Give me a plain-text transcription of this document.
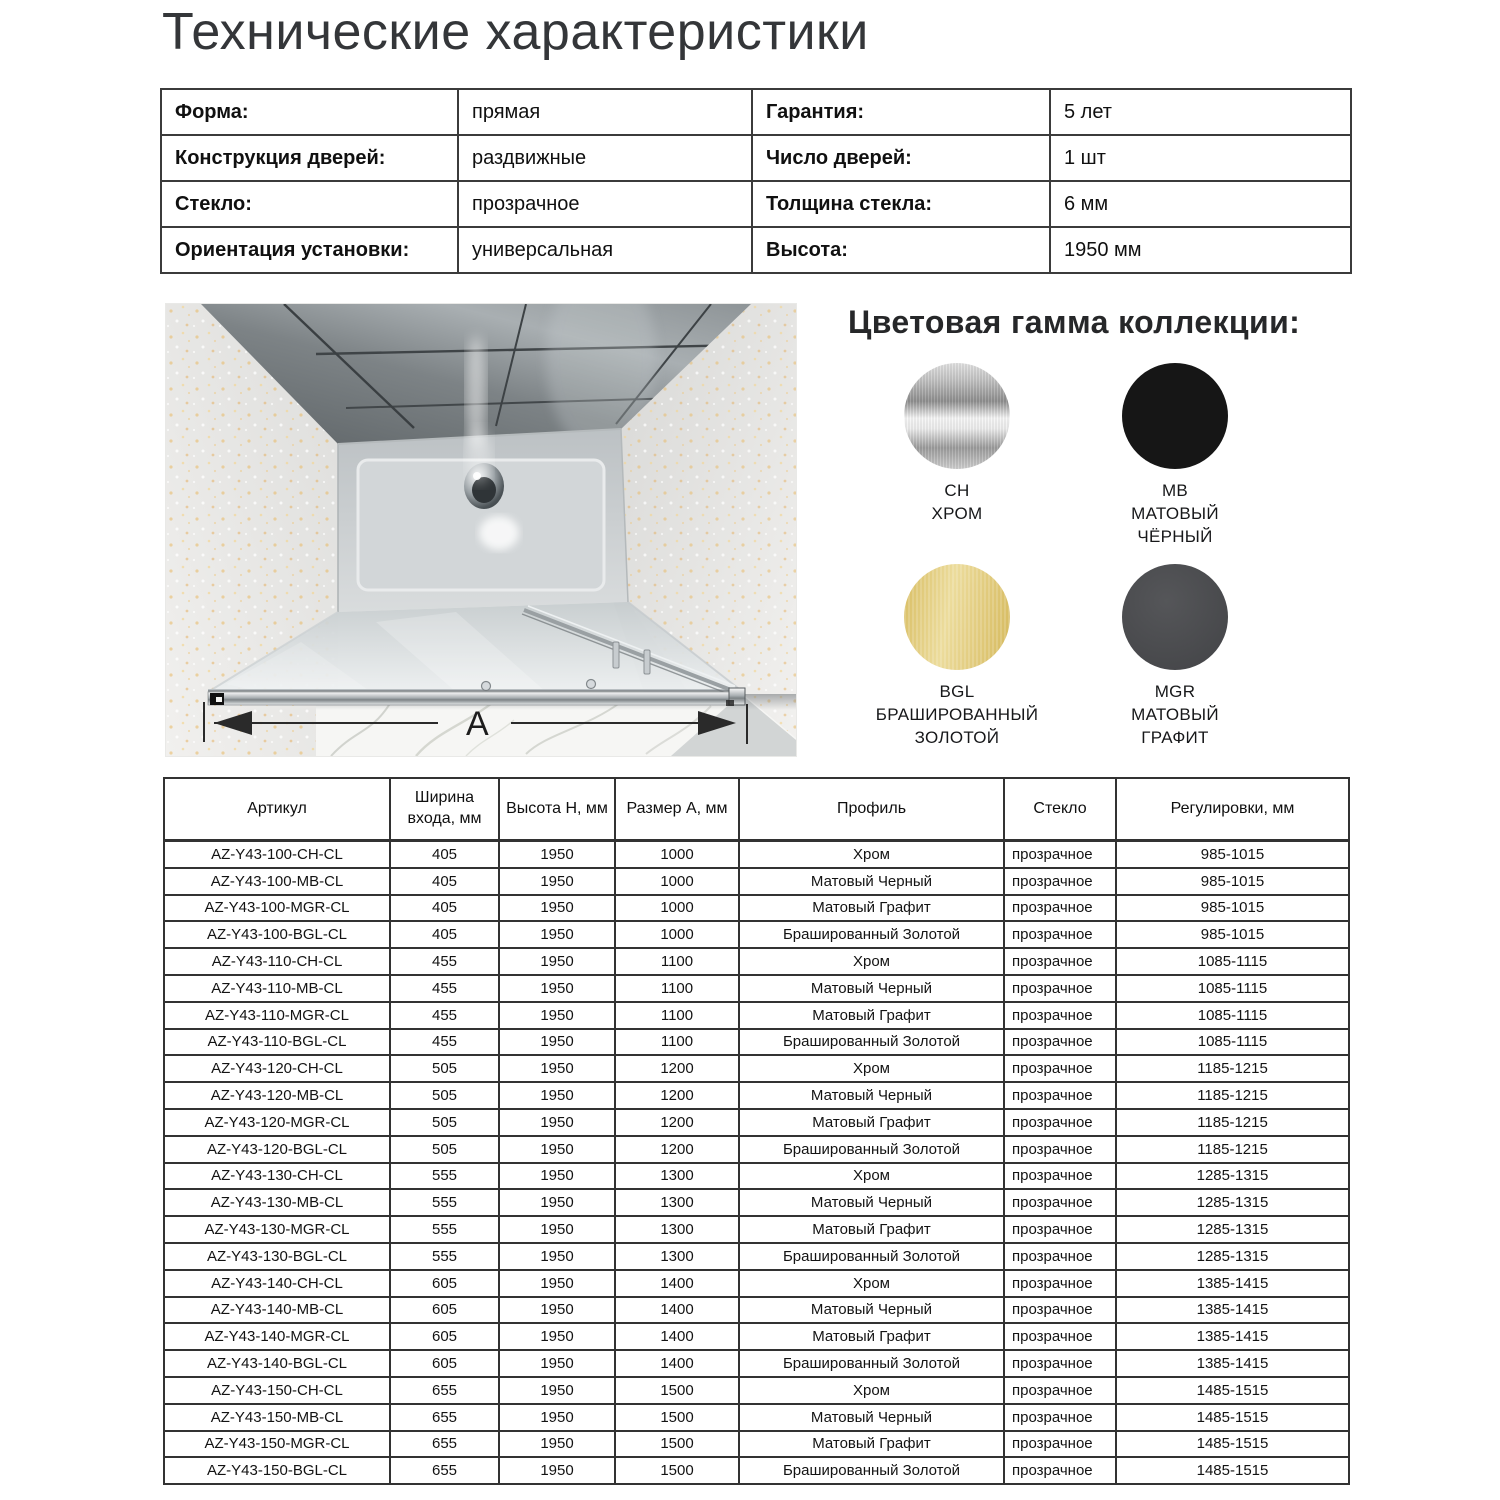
Технические характеристики
Форма:	прямая	Гарантия:	5 лет
Конструкция дверей:	раздвижные	Число дверей:	1 шт
Стекло:	прозрачное	Толщина стекла:	6 мм
Ориентация установки:	универсальная	Высота:	1950 мм
A
Цветовая гамма коллекции:
CH
ХРОМ
MB
МАТОВЫЙ
ЧЁРНЫЙ
BGL
БРАШИРОВАННЫЙ
ЗОЛОТОЙ
MGR
МАТОВЫЙ
ГРАФИТ
Артикул	Ширина входа, мм	Высота H, мм	Размер A, мм	Профиль	Стекло	Регулировки, мм
AZ-Y43-100-CH-CL	405	1950	1000	Хром	прозрачное	985-1015
AZ-Y43-100-MB-CL	405	1950	1000	Матовый Черный	прозрачное	985-1015
AZ-Y43-100-MGR-CL	405	1950	1000	Матовый Графит	прозрачное	985-1015
AZ-Y43-100-BGL-CL	405	1950	1000	Брашированный Золотой	прозрачное	985-1015
AZ-Y43-110-CH-CL	455	1950	1100	Хром	прозрачное	1085-1115
AZ-Y43-110-MB-CL	455	1950	1100	Матовый Черный	прозрачное	1085-1115
AZ-Y43-110-MGR-CL	455	1950	1100	Матовый Графит	прозрачное	1085-1115
AZ-Y43-110-BGL-CL	455	1950	1100	Брашированный Золотой	прозрачное	1085-1115
AZ-Y43-120-CH-CL	505	1950	1200	Хром	прозрачное	1185-1215
AZ-Y43-120-MB-CL	505	1950	1200	Матовый Черный	прозрачное	1185-1215
AZ-Y43-120-MGR-CL	505	1950	1200	Матовый Графит	прозрачное	1185-1215
AZ-Y43-120-BGL-CL	505	1950	1200	Брашированный Золотой	прозрачное	1185-1215
AZ-Y43-130-CH-CL	555	1950	1300	Хром	прозрачное	1285-1315
AZ-Y43-130-MB-CL	555	1950	1300	Матовый Черный	прозрачное	1285-1315
AZ-Y43-130-MGR-CL	555	1950	1300	Матовый Графит	прозрачное	1285-1315
AZ-Y43-130-BGL-CL	555	1950	1300	Брашированный Золотой	прозрачное	1285-1315
AZ-Y43-140-CH-CL	605	1950	1400	Хром	прозрачное	1385-1415
AZ-Y43-140-MB-CL	605	1950	1400	Матовый Черный	прозрачное	1385-1415
AZ-Y43-140-MGR-CL	605	1950	1400	Матовый Графит	прозрачное	1385-1415
AZ-Y43-140-BGL-CL	605	1950	1400	Брашированный Золотой	прозрачное	1385-1415
AZ-Y43-150-CH-CL	655	1950	1500	Хром	прозрачное	1485-1515
AZ-Y43-150-MB-CL	655	1950	1500	Матовый Черный	прозрачное	1485-1515
AZ-Y43-150-MGR-CL	655	1950	1500	Матовый Графит	прозрачное	1485-1515
AZ-Y43-150-BGL-CL	655	1950	1500	Брашированный Золотой	прозрачное	1485-1515
